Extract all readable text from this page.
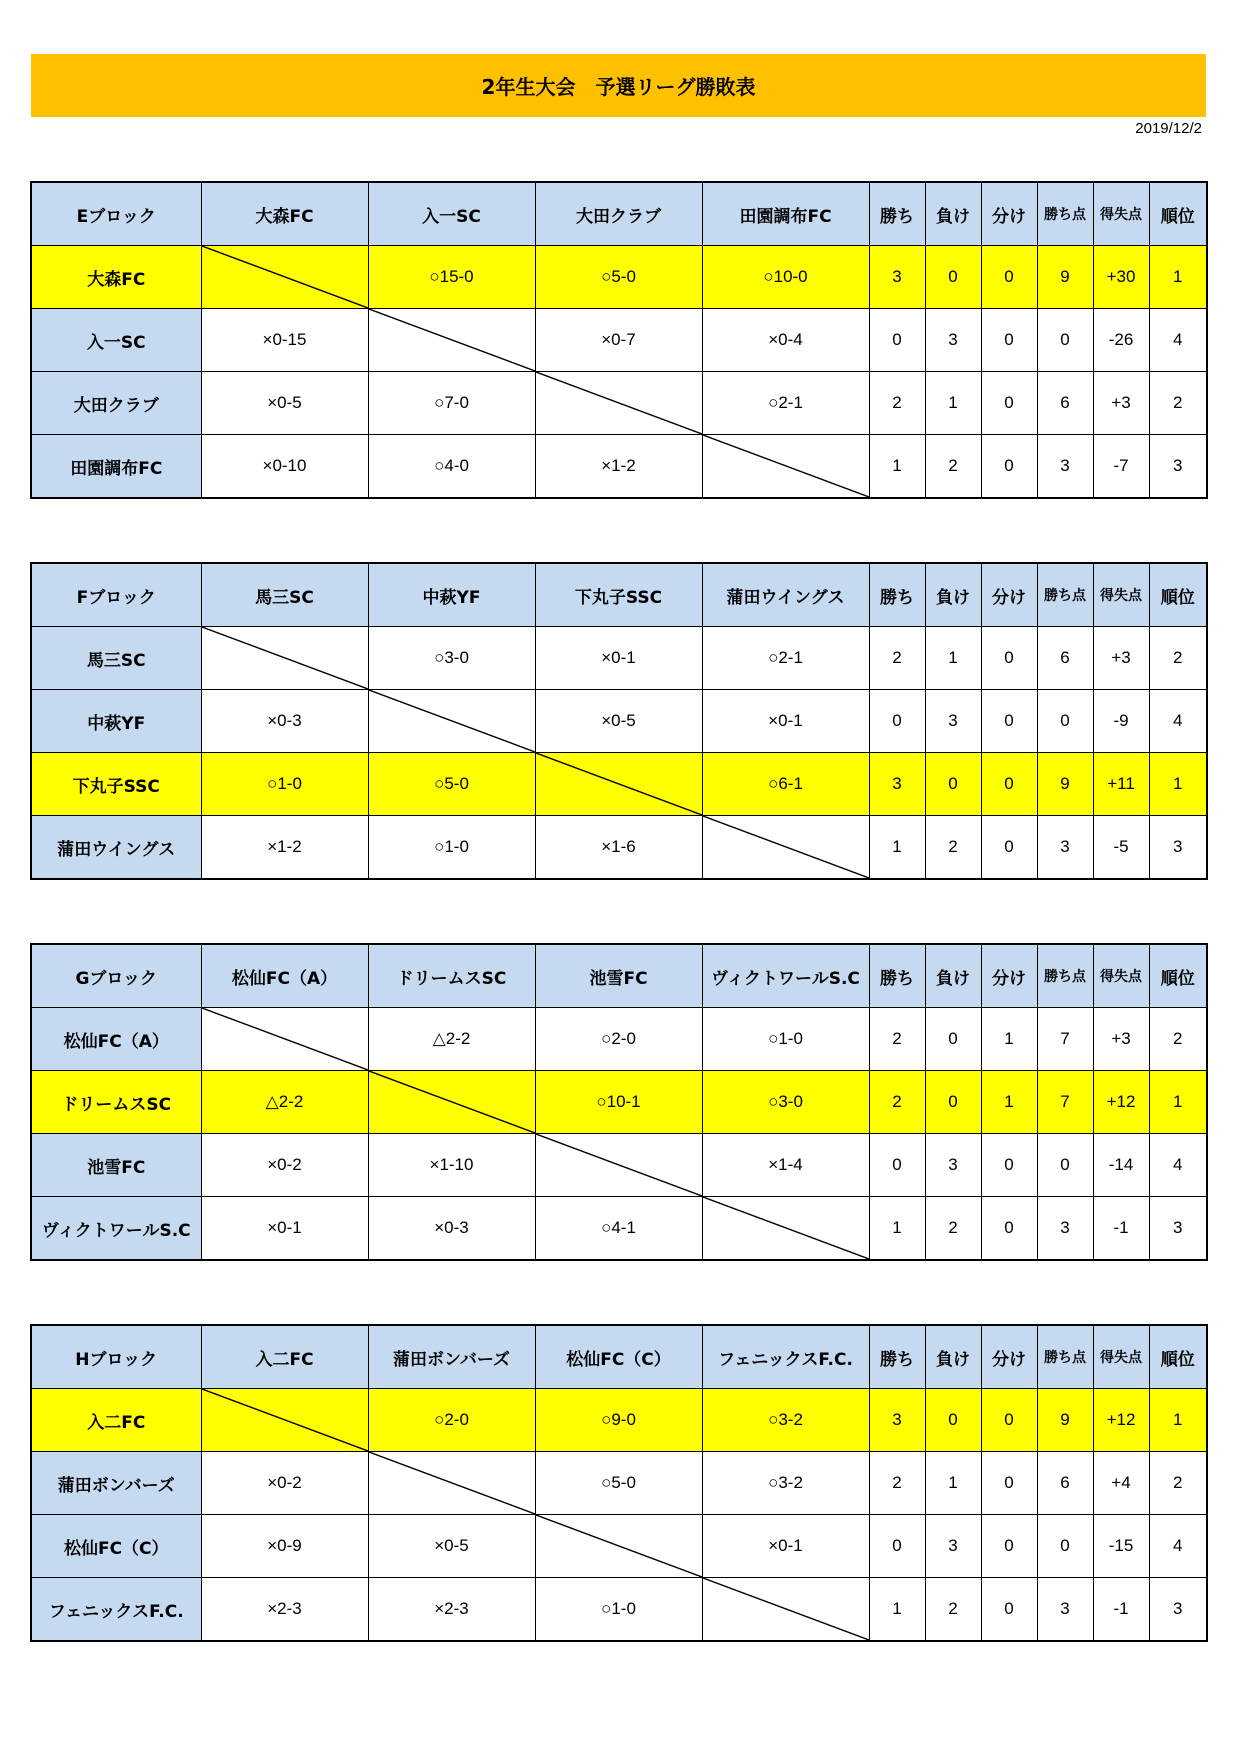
2年生大会　予選リーグ勝敗表
2019/12/2
Eブロック	大森FC	入一SC	大田クラブ	田園調布FC	勝ち	負け	分け	勝ち点	得失点	順位
大森FC		○15-0	○5-0	○10-0	3	0	0	9	+30	1
入一SC	×0-15		×0-7	×0-4	0	3	0	0	-26	4
大田クラブ	×0-5	○7-0		○2-1	2	1	0	6	+3	2
田園調布FC	×0-10	○4-0	×1-2		1	2	0	3	-7	3
Fブロック	馬三SC	中萩YF	下丸子SSC	蒲田ウイングス	勝ち	負け	分け	勝ち点	得失点	順位
馬三SC		○3-0	×0-1	○2-1	2	1	0	6	+3	2
中萩YF	×0-3		×0-5	×0-1	0	3	0	0	-9	4
下丸子SSC	○1-0	○5-0		○6-1	3	0	0	9	+11	1
蒲田ウイングス	×1-2	○1-0	×1-6		1	2	0	3	-5	3
Gブロック	松仙FC（A）	ドリームスSC	池雪FC	ヴィクトワールS.C	勝ち	負け	分け	勝ち点	得失点	順位
松仙FC（A）		△2-2	○2-0	○1-0	2	0	1	7	+3	2
ドリームスSC	△2-2		○10-1	○3-0	2	0	1	7	+12	1
池雪FC	×0-2	×1-10		×1-4	0	3	0	0	-14	4
ヴィクトワールS.C	×0-1	×0-3	○4-1		1	2	0	3	-1	3
Hブロック	入二FC	蒲田ボンバーズ	松仙FC（C）	フェニックスF.C.	勝ち	負け	分け	勝ち点	得失点	順位
入二FC		○2-0	○9-0	○3-2	3	0	0	9	+12	1
蒲田ボンバーズ	×0-2		○5-0	○3-2	2	1	0	6	+4	2
松仙FC（C）	×0-9	×0-5		×0-1	0	3	0	0	-15	4
フェニックスF.C.	×2-3	×2-3	○1-0		1	2	0	3	-1	3
